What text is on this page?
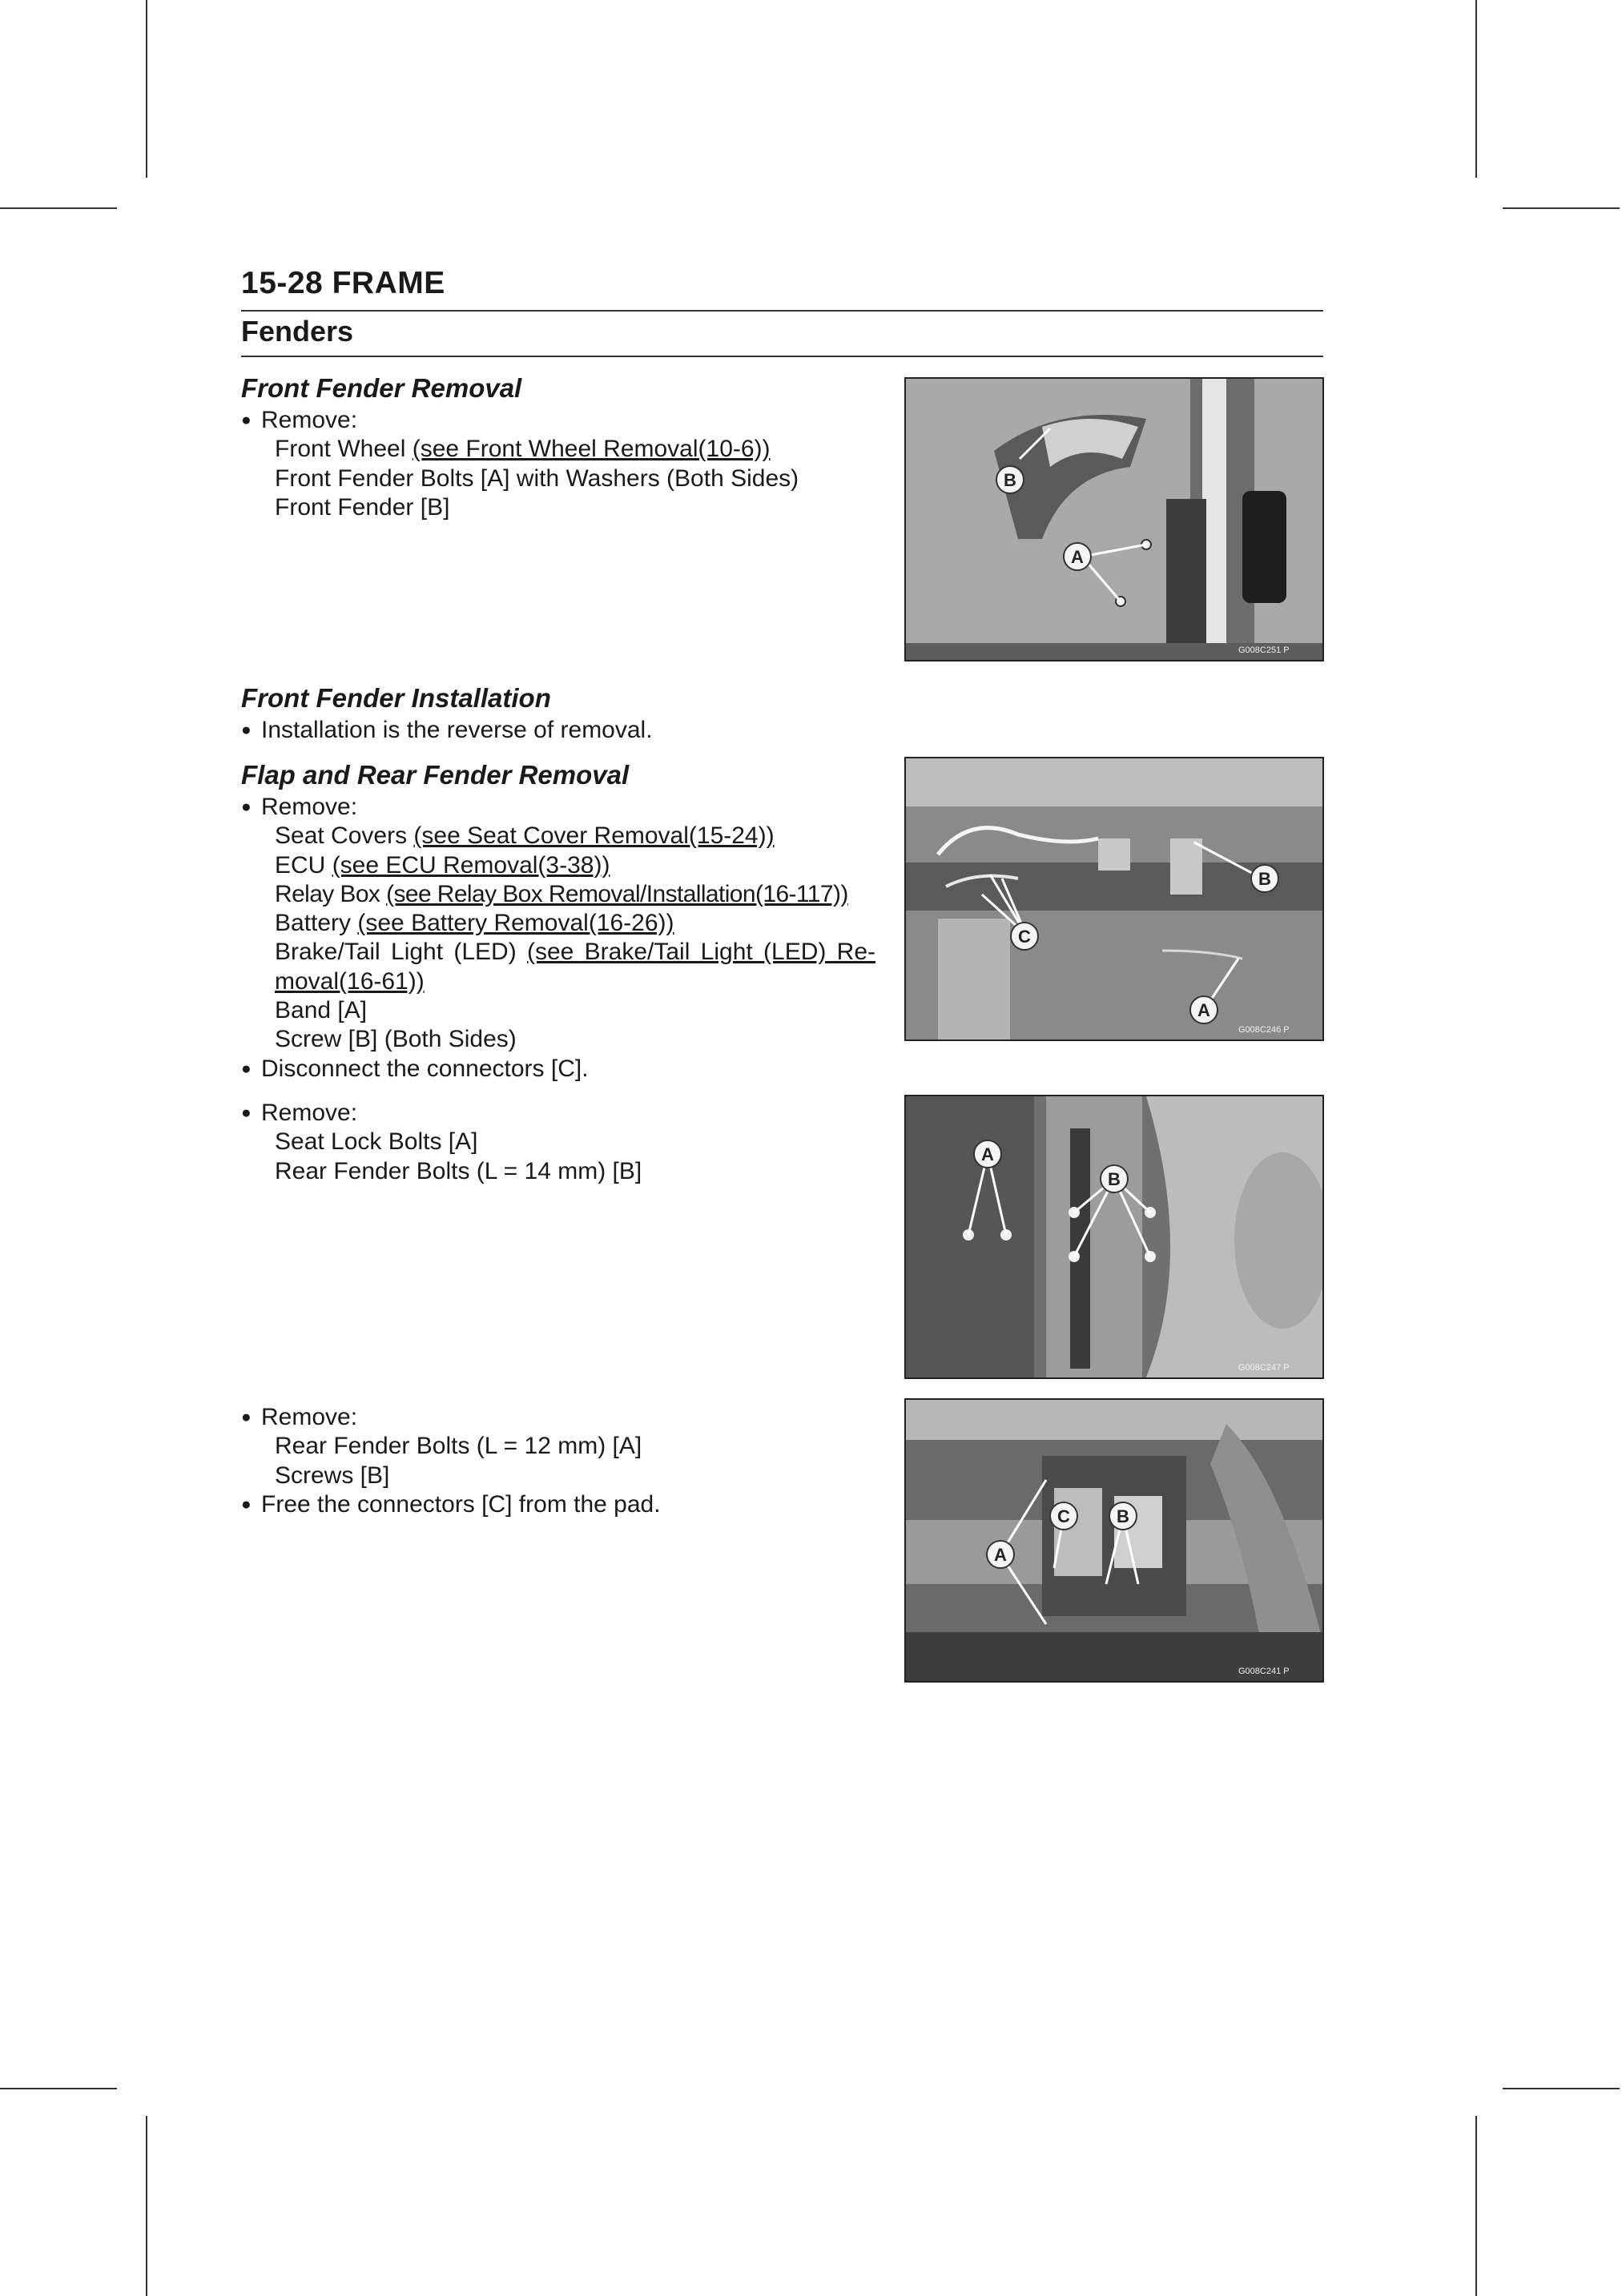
15-28 FRAME
Fenders
Front Fender Removal
● Remove:
Front Wheel (see Front Wheel Removal(10-6))
Front Fender Bolts [A] with Washers (Both Sides)
Front Fender [B]
Front Fender Installation
● Installation is the reverse of removal.
Flap and Rear Fender Removal
● Remove:
Seat Covers (see Seat Cover Removal(15-24))
ECU (see ECU Removal(3-38))
Relay Box (see Relay Box Removal/Installation(16-117))
Battery (see Battery Removal(16-26))
Brake/Tail Light (LED) (see Brake/Tail Light (LED) Re-
moval(16-61))
Band [A]
Screw [B] (Both Sides)
● Disconnect the connectors [C].
● Remove:
Seat Lock Bolts [A]
Rear Fender Bolts (L = 14 mm) [B]
● Remove:
Rear Fender Bolts (L = 12 mm) [A]
Screws [B]
● Free the connectors [C] from the pad.
B
A
G008C251 P
C
B
A
G008C246 P
A
B
G008C247 P
A
C	B
G008C241 P
